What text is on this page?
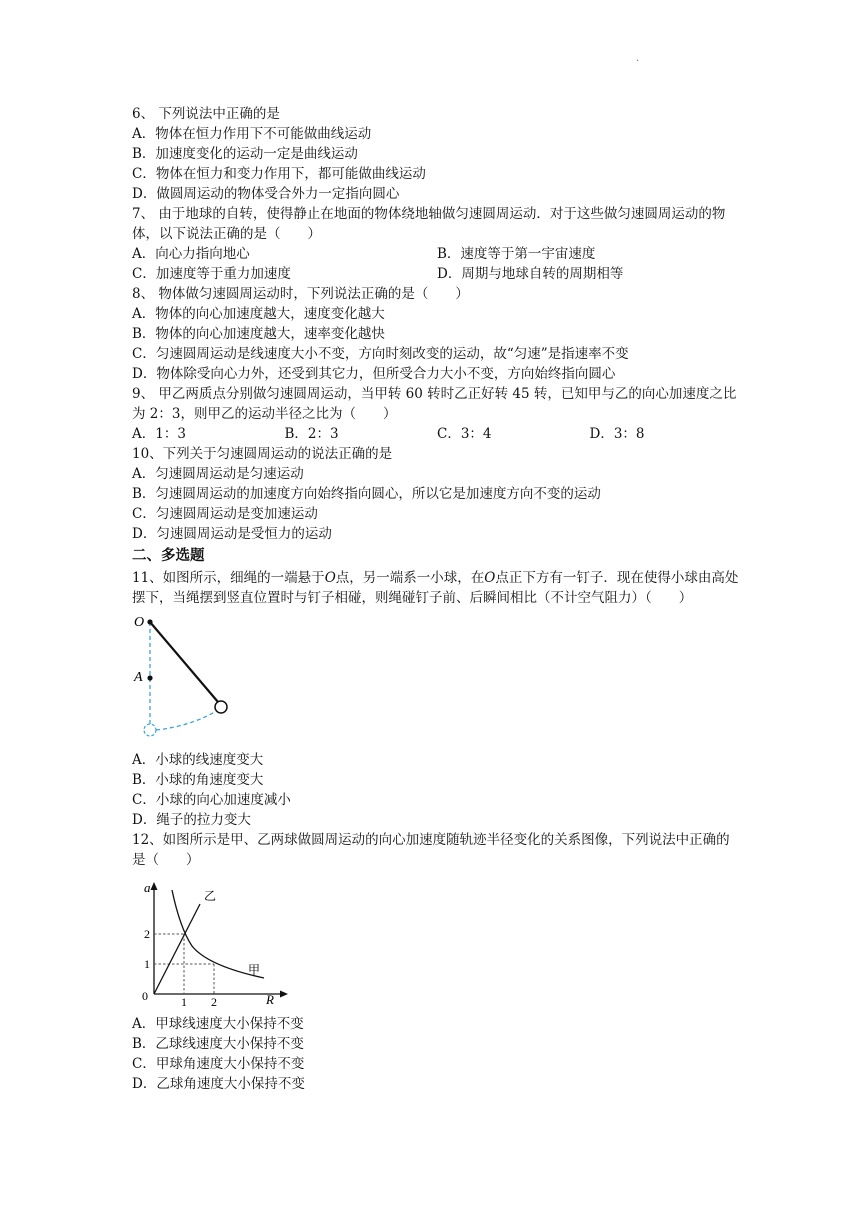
·
6、 下列说法中正确的是
A．物体在恒力作用下不可能做曲线运动
B．加速度变化的运动一定是曲线运动
C．物体在恒力和变力作用下，都可能做曲线运动
D．做圆周运动的物体受合外力一定指向圆心
7、 由于地球的自转，使得静止在地面的物体绕地轴做匀速圆周运动．对于这些做匀速圆周运动的物体，以下说法正确的是（　　）
A．向心力指向地心	B．速度等于第一宇宙速度
C．加速度等于重力加速度	D．周期与地球自转的周期相等
8、 物体做匀速圆周运动时，下列说法正确的是（　　）
A．物体的向心加速度越大，速度变化越大
B．物体的向心加速度越大，速率变化越快
C．匀速圆周运动是线速度大小不变，方向时刻改变的运动，故“匀速”是指速率不变
D．物体除受向心力外，还受到其它力，但所受合力大小不变，方向始终指向圆心
9、 甲乙两质点分别做匀速圆周运动，当甲转 60 转时乙正好转 45 转，已知甲与乙的向心加速度之比为 2：3，则甲乙的运动半径之比为（　　）
A．1：3	B．2：3	C．3：4	D．3：8
10、下列关于匀速圆周运动的说法正确的是
A．匀速圆周运动是匀速运动
B．匀速圆周运动的加速度方向始终指向圆心，所以它是加速度方向不变的运动
C．匀速圆周运动是变加速运动
D．匀速圆周运动是受恒力的运动
二、多选题
11、如图所示，细绳的一端悬于O点，另一端系一小球，在O点正下方有一钉子．现在使得小球由高处摆下，当绳摆到竖直位置时与钉子相碰，则绳碰钉子前、后瞬间相比（不计空气阻力）（　　）
O
A
A．小球的线速度变大
B．小球的角速度变大
C．小球的向心加速度减小
D．绳子的拉力变大
12、如图所示是甲、乙两球做圆周运动的向心加速度随轨迹半径变化的关系图像，下列说法中正确的是（　　）
a
R
0	1 2
1
2
乙
甲
A．甲球线速度大小保持不变
B．乙球线速度大小保持不变
C．甲球角速度大小保持不变
D．乙球角速度大小保持不变
